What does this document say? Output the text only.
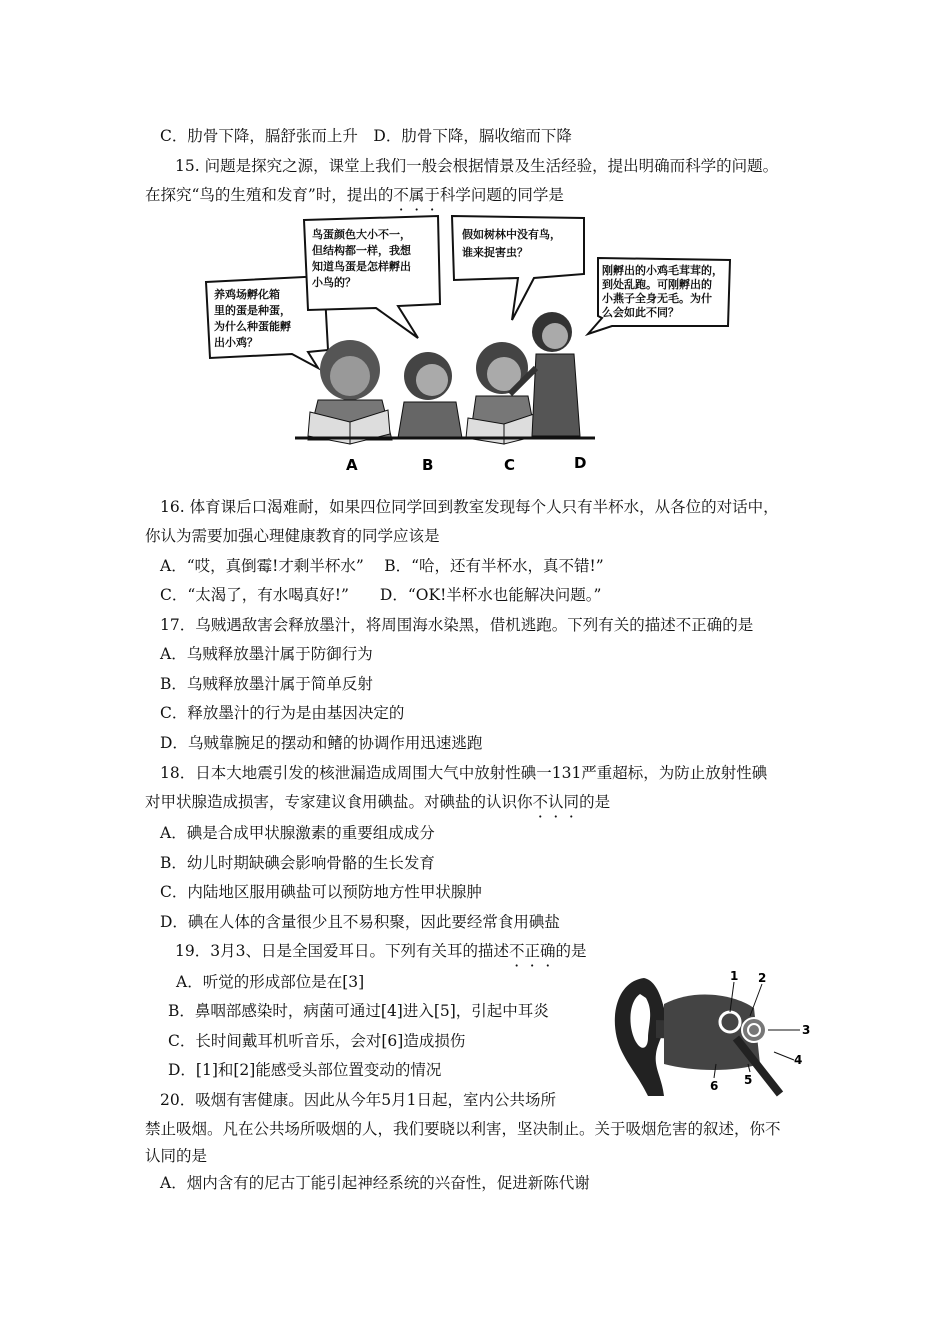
C．肋骨下降，膈舒张而上升　 D．肋骨下降，膈收缩而下降
15. 问题是探究之源，课堂上我们一般会根据情景及生活经验，提出明确而科学的问题。
在探究“鸟的生殖和发育”时，提出的不属于科学问题的同学是
养鸡场孵化箱
里的蛋是种蛋，
为什么种蛋能孵
出小鸡？
鸟蛋颜色大小不一，
但结构都一样，我想
知道鸟蛋是怎样孵出
小鸟的？
假如树林中没有鸟，
谁来捉害虫？
刚孵出的小鸡毛茸茸的，
到处乱跑。可刚孵出的
小燕子全身无毛。为什
么会如此不同？
A	B	C	D
16. 体育课后口渴难耐，如果四位同学回到教室发现每个人只有半杯水，从各位的对话中，
你认为需要加强心理健康教育的同学应该是
A．“哎，真倒霉!才剩半杯水”　 B．“哈，还有半杯水，真不错!”
C．“太渴了，有水喝真好!”　　D．“OK!半杯水也能解决问题。”
17．乌贼遇敌害会释放墨汁，将周围海水染黑，借机逃跑。下列有关的描述不正确的是
A．乌贼释放墨汁属于防御行为
B．乌贼释放墨汁属于简单反射
C．释放墨汁的行为是由基因决定的
D．乌贼靠腕足的摆动和鳍的协调作用迅速逃跑
18．日本大地震引发的核泄漏造成周围大气中放射性碘一131严重超标，为防止放射性碘
对甲状腺造成损害，专家建议食用碘盐。对碘盐的认识你不认同的是
A．碘是合成甲状腺激素的重要组成成分
B．幼儿时期缺碘会影响骨骼的生长发育
C．内陆地区服用碘盐可以预防地方性甲状腺肿
D．碘在人体的含量很少且不易积聚，因此要经常食用碘盐
19．3月3、日是全国爱耳日。下列有关耳的描述不正确的是
A．听觉的形成部位是在[3]
B．鼻咽部感染时，病菌可通过[4]进入[5]，引起中耳炎
C．长时间戴耳机听音乐，会对[6]造成损伤
D．[1]和[2]能感受头部位置变动的情况
1 2
3
4
5
6
20．吸烟有害健康。因此从今年5月1日起，室内公共场所
禁止吸烟。凡在公共场所吸烟的人，我们要晓以利害，坚决制止。关于吸烟危害的叙述，你不
认同的是
A．烟内含有的尼古丁能引起神经系统的兴奋性，促进新陈代谢
